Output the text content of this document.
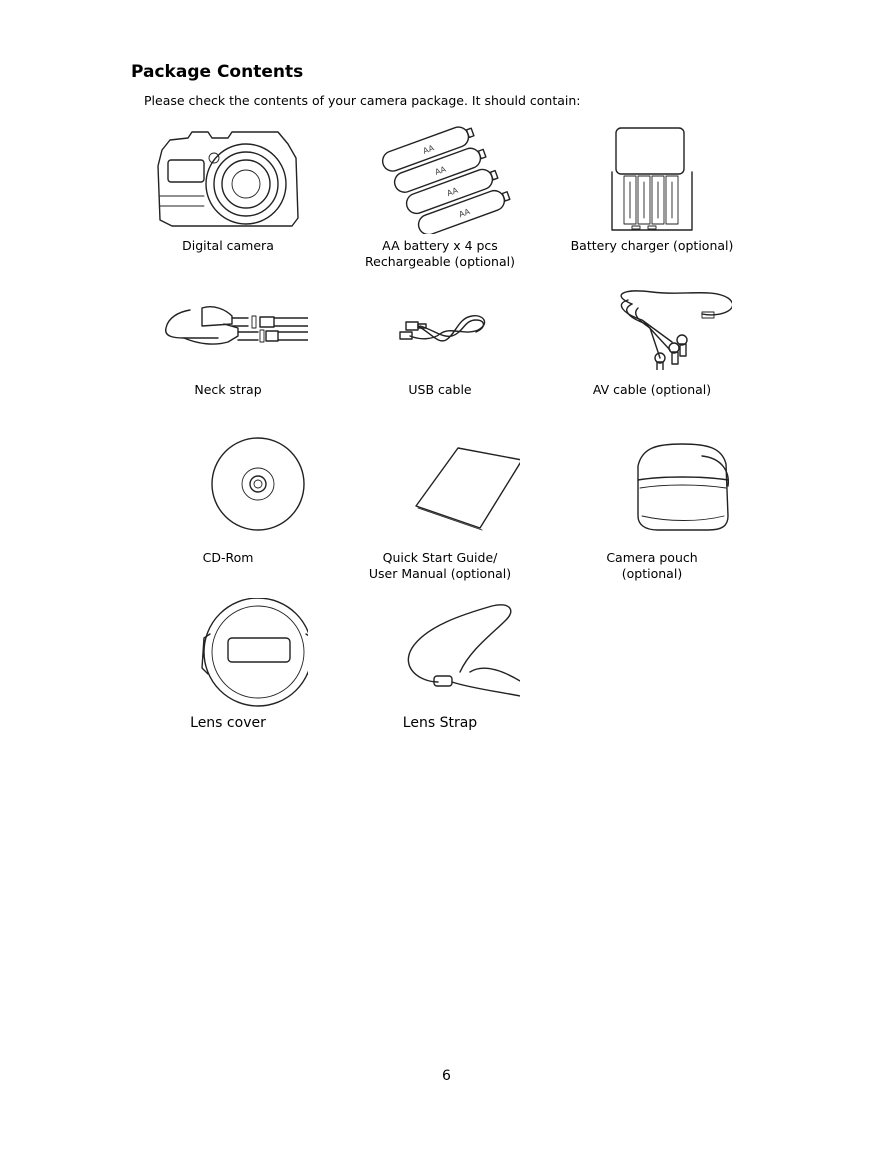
Package Contents

Please check the contents of your camera package. It should contain:

Digital camera
AA
AA
AA
AA
AA battery x 4 pcs
Rechargeable (optional)
Battery charger (optional)
Neck strap	USB cable	AV cable (optional)
CD-Rom	Quick Start Guide/
User Manual (optional)
Camera pouch
(optional)
Lens cover	Lens Strap
6
